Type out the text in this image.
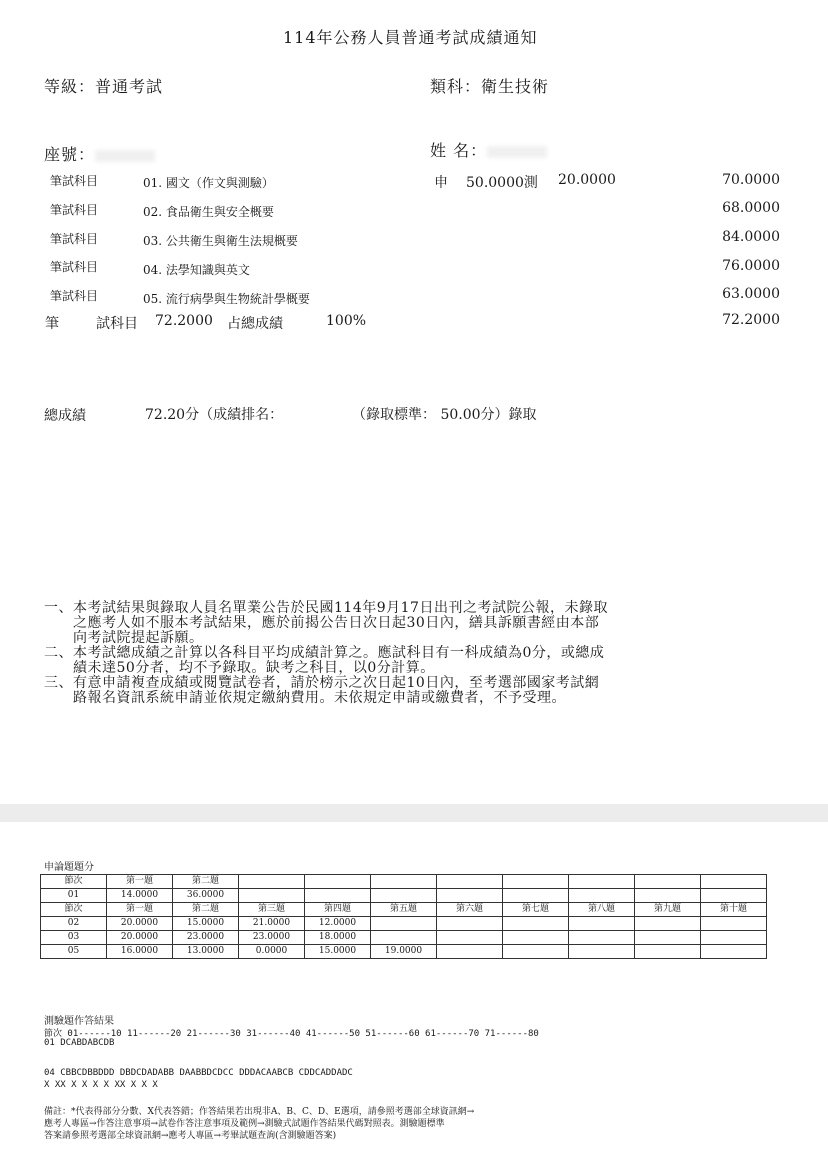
114年公務人員普通考試成績通知
等級：普通考試	類科：衛生技術
座號：	姓 名：
筆試科目	01. 國文（作文與測驗）	申 50.0000測 20.0000	70.0000
筆試科目	02. 食品衛生與安全概要	68.0000
筆試科目	03. 公共衛生與衛生法規概要	84.0000
筆試科目	04. 法學知識與英文	76.0000
筆試科目	05. 流行病學與生物統計學概要	63.0000
筆	試科目 72.2000 占總成績	100%	72.2000
總成績	72.20分（成績排名：	（錄取標準： 50.00分）錄取
一、本考試結果與錄取人員名單業公告於民國114年9月17日出刊之考試院公報，未錄取
　　之應考人如不服本考試結果，應於前揭公告日次日起30日內，繕具訴願書經由本部
　　向考試院提起訴願。
二、本考試總成績之計算以各科目平均成績計算之。應試科目有一科成績為0分，或總成
　　績未達50分者，均不予錄取。缺考之科目，以0分計算。
三、有意申請複查成績或閱覽試卷者，請於榜示之次日起10日內，至考選部國家考試網
　　路報名資訊系統申請並依規定繳納費用。未依規定申請或繳費者，不予受理。
申論題題分
節次	第一題	第二題								
01	14.0000	36.0000								
節次	第一題	第二題	第三題	第四題	第五題	第六題	第七題	第八題	第九題	第十題
02	20.0000	15.0000	21.0000	12.0000						
03	20.0000	23.0000	23.0000	18.0000						
05	16.0000	13.0000	0.0000	15.0000	19.0000					
測驗題作答結果
節次 01------10 11------20 21------30 31------40 41------50 51------60 61------70 71------80
01 DCABDABCDB
04 CBBCDBBDDD DBDCDADABB DAABBDCDCC DDDACAABCB CDDCADDADC
X XX X X X X XX X X X
備註：*代表得部分分數、X代表答錯；作答結果若出現非A、B、C、D、E選項，請參照考選部全球資訊網→
應考人專區→作答注意事項→試卷作答注意事項及範例→測驗式試題作答結果代碼對照表。測驗題標準
答案請參照考選部全球資訊網→應考人專區→考畢試題查詢(含測驗題答案)
